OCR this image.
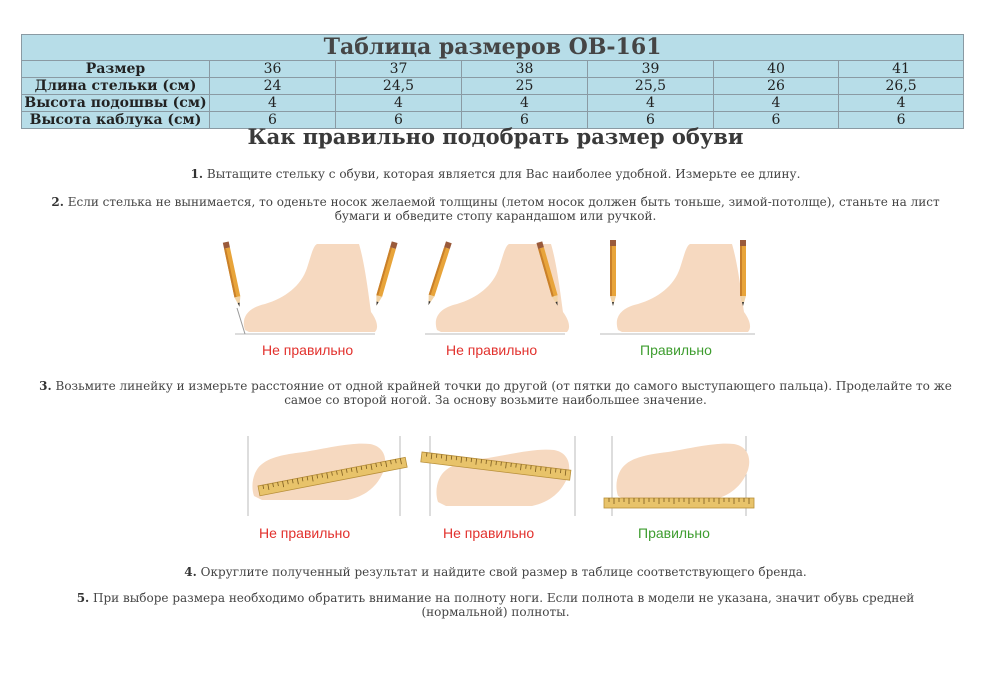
Таблица размеров ОВ-161						
Размер	36	37	38	39	40	41
Длина стельки (см)	24	24,5	25	25,5	26	26,5
Высота подошвы (см)	4	4	4	4	4	4
Высота каблука (см)	6	6	6	6	6	6
Как правильно подобрать размер обуви
1. Вытащите стельку с обуви, которая является для Вас наиболее удобной. Измерьте ее длину.
2. Если стелька не вынимается, то оденьте носок желаемой толщины (летом носок должен быть тоньше, зимой-потолще), станьте на лист бумаги и обведите стопу карандашом или ручкой.
Не правильно	Не правильно	Правильно
3. Возьмите линейку и измерьте расстояние от одной крайней точки до другой (от пятки до самого выступающего пальца). Проделайте то же самое со второй ногой. За основу возьмите наибольшее значение.
Не правильно	Не правильно	Правильно
4. Округлите полученный результат и найдите свой размер в таблице соответствующего бренда.
5. При выборе размера необходимо обратить внимание на полноту ноги. Если полнота в модели не указана, значит обувь средней (нормальной) полноты.
